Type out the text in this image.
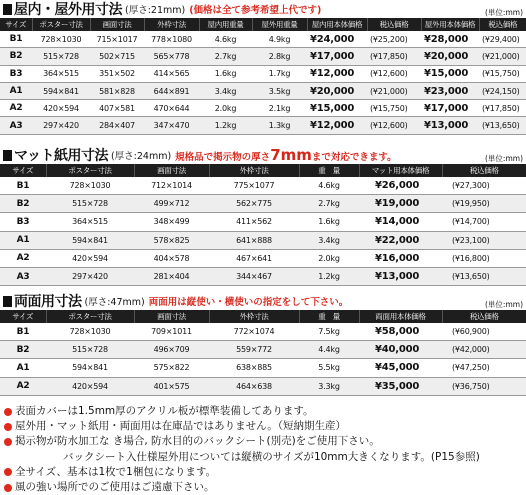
屋内・屋外用寸法 (厚さ:21mm) (価格は全て参考希望上代です)	(単位:mm)
サイズ	ポスター寸法	画面寸法	外枠寸法	屋内用重量	屋外用重量	屋内用本体価格	税込価格	屋外用本体価格	税込価格
B1	728×1030	715×1017	778×1080	4.6kg	4.9kg	¥24,000	(¥25,200)	¥28,000	(¥29,400)
B2	515×728	502×715	565×778	2.7kg	2.8kg	¥17,000	(¥17,850)	¥20,000	(¥21,000)
B3	364×515	351×502	414×565	1.6kg	1.7kg	¥12,000	(¥12,600)	¥15,000	(¥15,750)
A1	594×841	581×828	644×891	3.4kg	3.5kg	¥20,000	(¥21,000)	¥23,000	(¥24,150)
A2	420×594	407×581	470×644	2.0kg	2.1kg	¥15,000	(¥15,750)	¥17,000	(¥17,850)
A3	297×420	284×407	347×470	1.2kg	1.3kg	¥12,000	(¥12,600)	¥13,000	(¥13,650)
マット紙用寸法 (厚さ:24mm) 規格品で掲示物の厚さ7mmまで対応できます。	(単位:mm)
サイズ	ポスター寸法	画面寸法	外枠寸法	重　量	マット用本体価格	税込価格
B1	728×1030	712×1014	775×1077	4.6kg	¥26,000	(¥27,300)
B2	515×728	499×712	562×775	2.7kg	¥19,000	(¥19,950)
B3	364×515	348×499	411×562	1.6kg	¥14,000	(¥14,700)
A1	594×841	578×825	641×888	3.4kg	¥22,000	(¥23,100)
A2	420×594	404×578	467×641	2.0kg	¥16,000	(¥16,800)
A3	297×420	281×404	344×467	1.2kg	¥13,000	(¥13,650)
両面用寸法 (厚さ:47mm) 両面用は縦使い・横使いの指定をして下さい。	(単位:mm)
サイズ	ポスター寸法	画面寸法	外枠寸法	重　量	両面用本体価格	税込価格
B1	728×1030	709×1011	772×1074	7.5kg	¥58,000	(¥60,900)
B2	515×728	496×709	559×772	4.4kg	¥40,000	(¥42,000)
A1	594×841	575×822	638×885	5.5kg	¥45,000	(¥47,250)
A2	420×594	401×575	464×638	3.3kg	¥35,000	(¥36,750)
表面カバーは1.5mm厚のアクリル板が標準装備してあります。
屋外用・マット紙用・両面用は在庫品ではありません。（短納期生産）
掲示物が防水加工な き場合, 防水目的のバックシート(別売)をご使用下さい。
バックシート入仕様屋外用については縦横のサイズが10mm大きくなります。(P15参照)
全サイズ、基本は1枚で1梱包になります。
風の強い場所でのご使用はご遠慮下さい。
